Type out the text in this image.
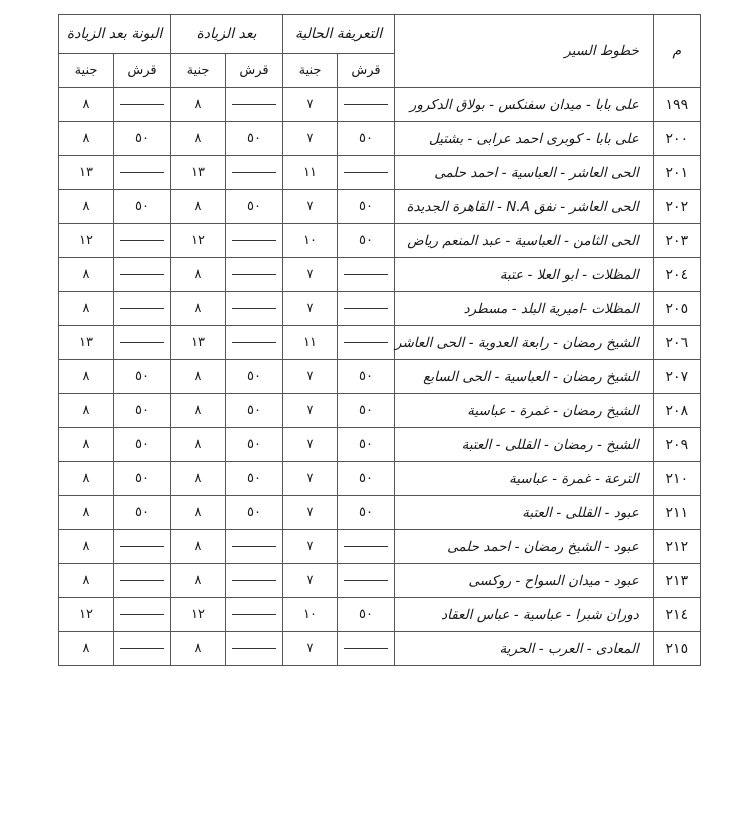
م	خطوط السير	التعريفة الحالية		بعد الزيادة		البونة بعد الزيادة	
		قرش	جنية	قرش	جنية	قرش	جنية
١٩٩	على بابا - ميدان سفنكس - بولاق الدكرور		٧		٨		٨
٢٠٠	على بابا - كوبرى احمد عرابى - بشتيل	٥٠	٧	٥٠	٨	٥٠	٨
٢٠١	الحى العاشر - العباسية - احمد حلمى		١١		١٣		١٣
٢٠٢	الحى العاشر - نفق N.A - القاهرة الجديدة	٥٠	٧	٥٠	٨	٥٠	٨
٢٠٣	الحى الثامن - العباسية - عبد المنعم رياض	٥٠	١٠		١٢		١٢
٢٠٤	المظلات - ابو العلا - عتبة		٧		٨		٨
٢٠٥	المظلات -اميرية البلد - مسطرد		٧		٨		٨
٢٠٦	الشيخ رمضان - رابعة العدوية - الحى العاشر		١١		١٣		١٣
٢٠٧	الشيخ رمضان - العباسية - الحى السابع	٥٠	٧	٥٠	٨	٥٠	٨
٢٠٨	الشيخ رمضان - غمرة - عباسية	٥٠	٧	٥٠	٨	٥٠	٨
٢٠٩	الشيخ - رمضان - القللى - العتبة	٥٠	٧	٥٠	٨	٥٠	٨
٢١٠	الترعة - غمرة - عباسية	٥٠	٧	٥٠	٨	٥٠	٨
٢١١	عبود - القللى - العتبة	٥٠	٧	٥٠	٨	٥٠	٨
٢١٢	عبود - الشيخ رمضان - احمد حلمى		٧		٨		٨
٢١٣	عبود - ميدان السواح - روكسى		٧		٨		٨
٢١٤	دوران شبرا - عباسية - عباس العقاد	٥٠	١٠		١٢		١٢
٢١٥	المعادى - العرب - الحرية		٧		٨		٨
